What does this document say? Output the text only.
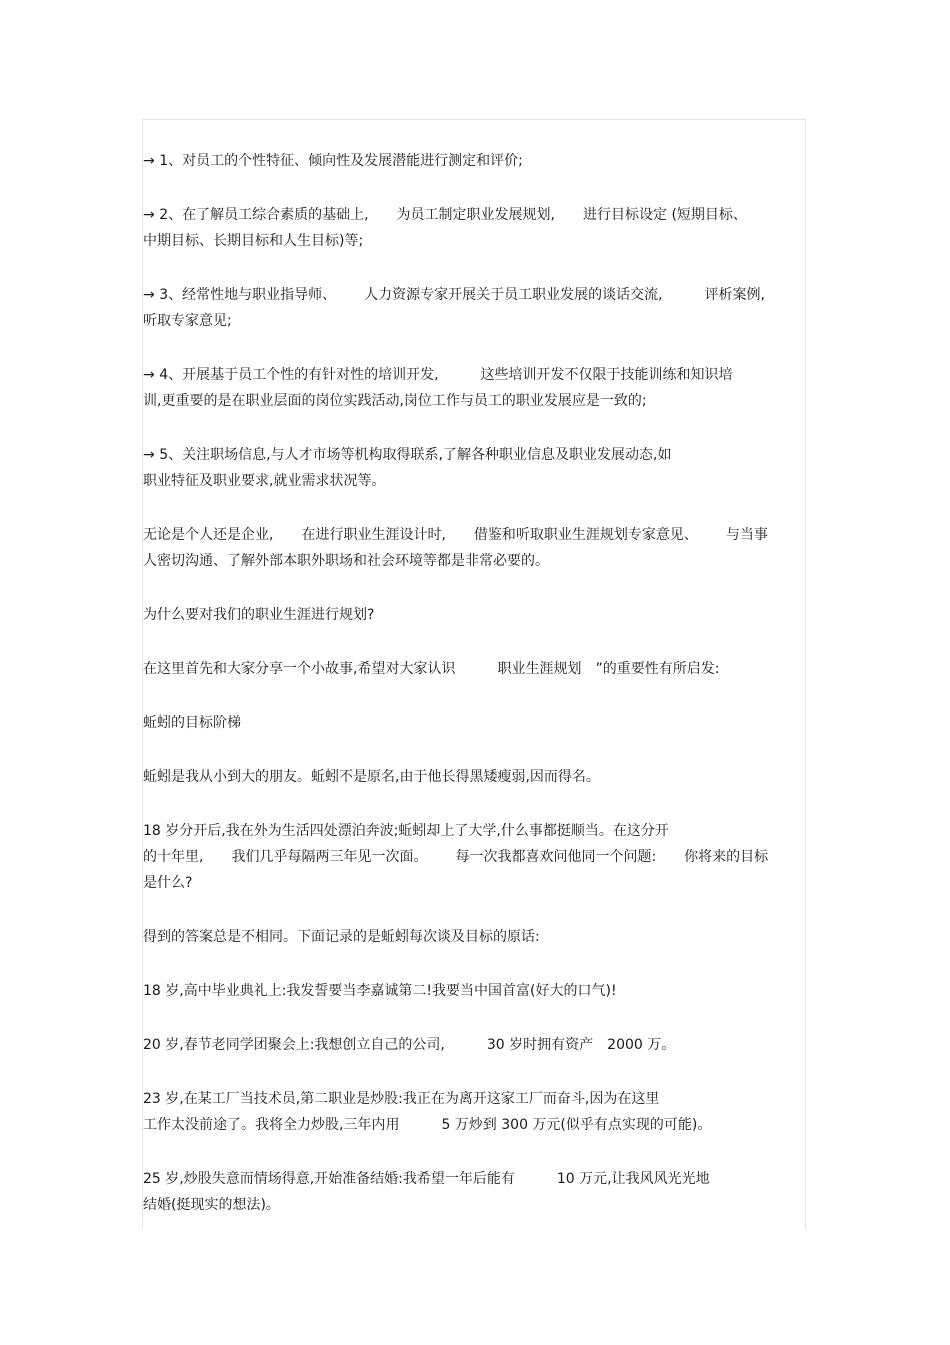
→ 1、对员工的个性特征、倾向性及发展潜能进行测定和评价;

→ 2、在了解员工综合素质的基础上, 为员工制定职业发展规划, 进行目标设定 (短期目标、
中期目标、长期目标和人生目标)等;

→ 3、经常性地与职业指导师、 人力资源专家开展关于员工职业发展的谈话交流,	评析案例,
听取专家意见;

→ 4、开展基于员工个性的有针对性的培训开发,	这些培训开发不仅限于技能训练和知识培
训,更重要的是在职业层面的岗位实践活动,岗位工作与员工的职业发展应是一致的;

→ 5、关注职场信息,与人才市场等机构取得联系,了解各种职业信息及职业发展动态,如
职业特征及职业要求,就业需求状况等。

无论是个人还是企业, 在进行职业生涯设计时, 借鉴和听取职业生涯规划专家意见、 与当事
人密切沟通、了解外部本职外职场和社会环境等都是非常必要的。

为什么要对我们的职业生涯进行规划?

在这里首先和大家分享一个小故事,希望对大家认识	职业生涯规划 ”的重要性有所启发:

蚯蚓的目标阶梯

蚯蚓是我从小到大的朋友。蚯蚓不是原名,由于他长得黑矮瘦弱,因而得名。

18 岁分开后,我在外为生活四处漂泊奔波;蚯蚓却上了大学,什么事都挺顺当。在这分开
的十年里, 我们几乎每隔两三年见一次面。 每一次我都喜欢问他同一个问题: 你将来的目标
是什么?

得到的答案总是不相同。下面记录的是蚯蚓每次谈及目标的原话:

18 岁,高中毕业典礼上:我发誓要当李嘉诚第二!我要当中国首富(好大的口气)!

20 岁,春节老同学团聚会上:我想创立自己的公司,	30 岁时拥有资产 2000 万。

23 岁,在某工厂当技术员,第二职业是炒股:我正在为离开这家工厂而奋斗,因为在这里
工作太没前途了。我将全力炒股,三年内用	5 万炒到 300 万元(似乎有点实现的可能)。

25 岁,炒股失意而情场得意,开始准备结婚:我希望一年后能有	10 万元,让我风风光光地
结婚(挺现实的想法)。
